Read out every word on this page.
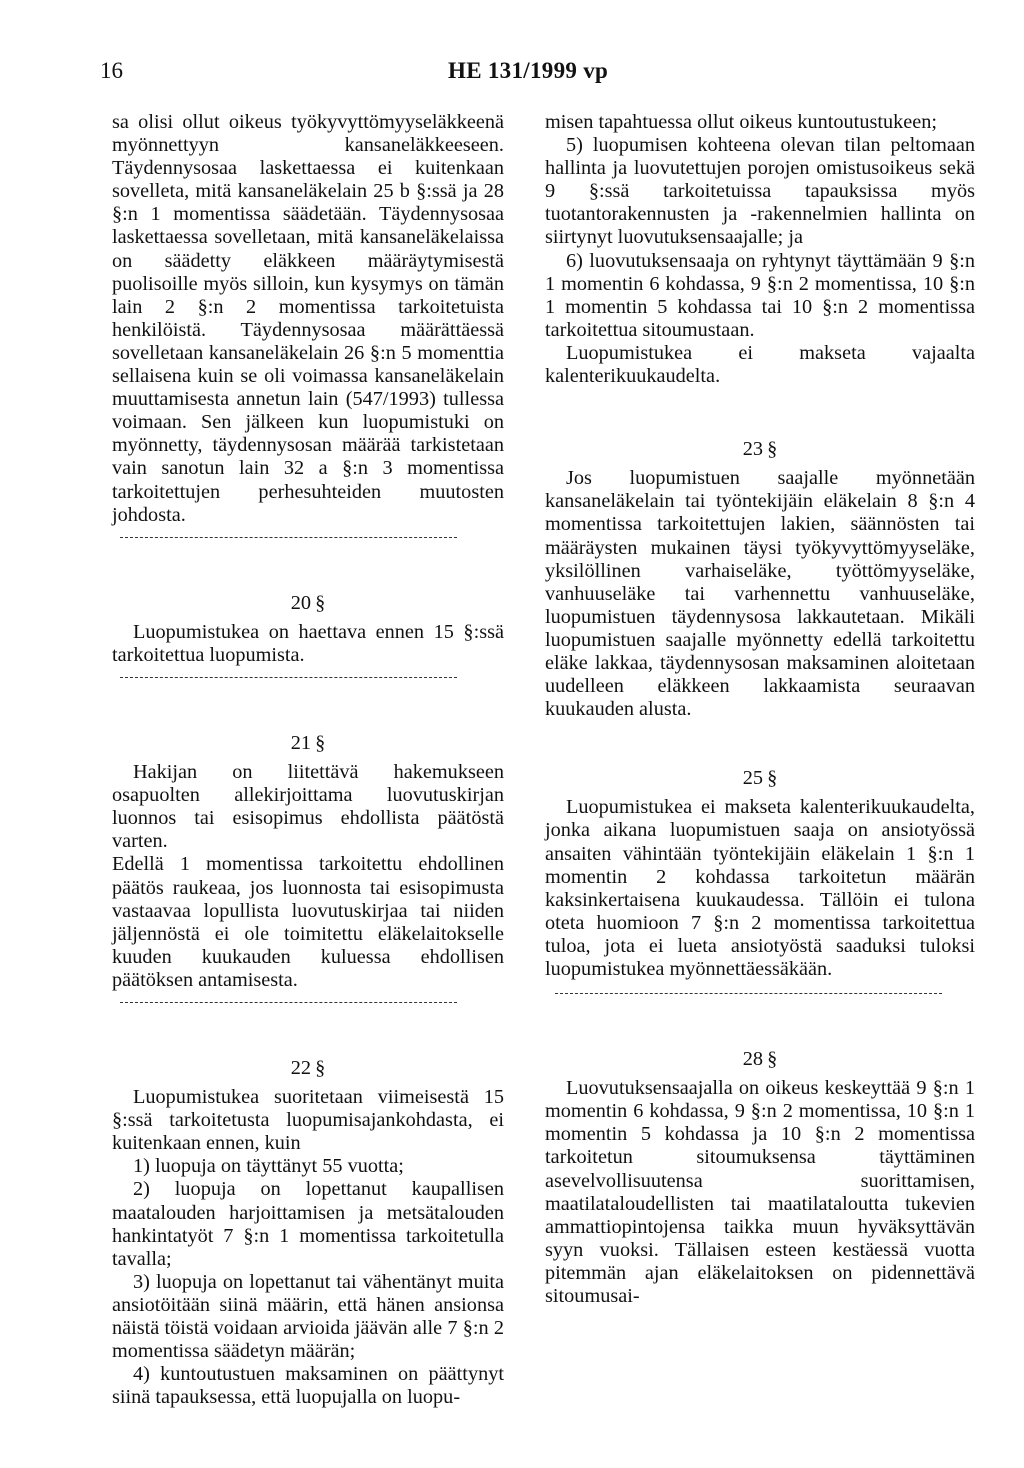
16	HE 131/1999 vp

sa olisi ollut oikeus työkyvyttömyyseläkkeenä myönnettyyn kansaneläkkeeseen. Täydennysosaa laskettaessa ei kuitenkaan sovelleta, mitä kansaneläkelain 25 b §:ssä ja 28 §:n 1 momentissa säädetään. Täydennysosaa laskettaessa sovelletaan, mitä kansaneläkelaissa on säädetty eläkkeen määräytymisestä puolisoille myös silloin, kun kysymys on tämän lain 2 §:n 2 momentissa tarkoitetuista henkilöistä. Täydennysosaa määrättäessä sovelletaan kansaneläkelain 26 §:n 5 momenttia sellaisena kuin se oli voimassa kansaneläkelain muuttamisesta annetun lain (547/1993) tullessa voimaan. Sen jälkeen kun luopumistuki on myönnetty, täydennysosan määrää tarkistetaan vain sanotun lain 32 a §:n 3 momentissa tarkoitettujen perhesuhteiden muutosten johdosta.

20 §

Luopumistukea on haettava ennen 15 §:ssä tarkoitettua luopumista.

21 §

Hakijan on liitettävä hakemukseen osapuolten allekirjoittama luovutuskirjan luonnos tai esisopimus ehdollista päätöstä varten.

Edellä 1 momentissa tarkoitettu ehdollinen päätös raukeaa, jos luonnosta tai esisopimusta vastaavaa lopullista luovutuskirjaa tai niiden jäljennöstä ei ole toimitettu eläkelaitokselle kuuden kuukauden kuluessa ehdollisen päätöksen antamisesta.

22 §

Luopumistukea suoritetaan viimeisestä 15 §:ssä tarkoitetusta luopumisajankohdasta, ei kuitenkaan ennen, kuin

1) luopuja on täyttänyt 55 vuotta;

2) luopuja on lopettanut kaupallisen maatalouden harjoittamisen ja metsätalouden hankintatyöt 7 §:n 1 momentissa tarkoitetulla tavalla;

3) luopuja on lopettanut tai vähentänyt muita ansiotöitään siinä määrin, että hänen ansionsa näistä töistä voidaan arvioida jäävän alle 7 §:n 2 momentissa säädetyn määrän;

4) kuntoutustuen maksaminen on päättynyt siinä tapauksessa, että luopujalla on luopu-

misen tapahtuessa ollut oikeus kuntoutustukeen;

5) luopumisen kohteena olevan tilan peltomaan hallinta ja luovutettujen porojen omistusoikeus sekä 9 §:ssä tarkoitetuissa tapauksissa myös tuotantorakennusten ja -rakennelmien hallinta on siirtynyt luovutuksensaajalle; ja

6) luovutuksensaaja on ryhtynyt täyttämään 9 §:n 1 momentin 6 kohdassa, 9 §:n 2 momentissa, 10 §:n 1 momentin 5 kohdassa tai 10 §:n 2 momentissa tarkoitettua sitoumustaan.

Luopumistukea ei makseta vajaalta kalenterikuukaudelta.

23 §

Jos luopumistuen saajalle myönnetään kansaneläkelain tai työntekijäin eläkelain 8 §:n 4 momentissa tarkoitettujen lakien, säännösten tai määräysten mukainen täysi työkyvyttömyyseläke, yksilöllinen varhaiseläke, työttömyyseläke, vanhuuseläke tai varhennettu vanhuuseläke, luopumistuen täydennysosa lakkautetaan. Mikäli luopumistuen saajalle myönnetty edellä tarkoitettu eläke lakkaa, täydennysosan maksaminen aloitetaan uudelleen eläkkeen lakkaamista seuraavan kuukauden alusta.

25 §

Luopumistukea ei makseta kalenterikuukaudelta, jonka aikana luopumistuen saaja on ansiotyössä ansaiten vähintään työntekijäin eläkelain 1 §:n 1 momentin 2 kohdassa tarkoitetun määrän kaksinkertaisena kuukaudessa. Tällöin ei tulona oteta huomioon 7 §:n 2 momentissa tarkoitettua tuloa, jota ei lueta ansiotyöstä saaduksi tuloksi luopumistukea myönnettäessäkään.

28 §

Luovutuksensaajalla on oikeus keskeyttää 9 §:n 1 momentin 6 kohdassa, 9 §:n 2 momentissa, 10 §:n 1 momentin 5 kohdassa ja 10 §:n 2 momentissa tarkoitetun sitoumuksensa täyttäminen asevelvollisuutensa suorittamisen, maatilataloudellisten tai maatilataloutta tukevien ammattiopintojensa taikka muun hyväksyttävän syyn vuoksi. Tällaisen esteen kestäessä vuotta pitemmän ajan eläkelaitoksen on pidennettävä sitoumusai-
